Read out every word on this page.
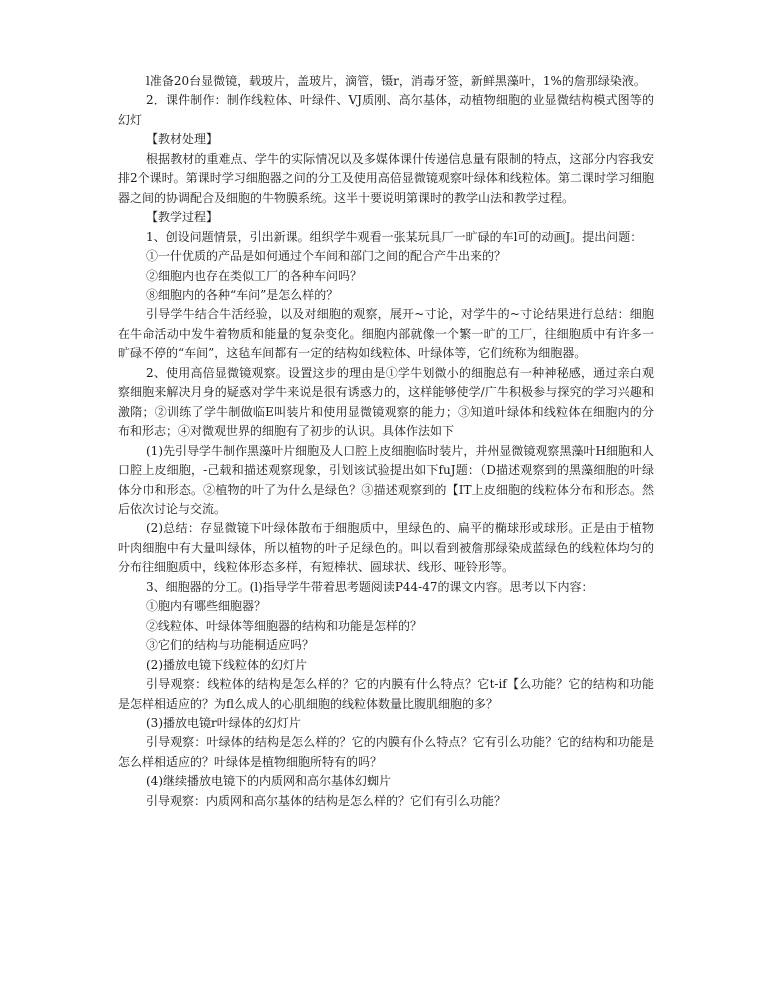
l准备20台显微镜，载玻片，盖玻片，滴管，镊r，消毒牙签，新鲜黑藻叶，1%的詹那绿染液。

2．课件制作：制作线粒体、叶绿件、VJ质刚、高尔基体，动植物细胞的业显微结构模式图等的幻灯

【教材处理】

根据教材的重难点、学牛的实际情况以及多媒体课什传递信息量有限制的特点，这部分内容我安排2个课时。第课时学习细胞器之问的分工及使用高倍显微镜观察叶绿体和线粒体。第二课时学习细胞器之间的协调配合及细胞的牛物膜系统。这半十要说明第课时的教学山法和教学过程。

【教学过程】

1、创设问题情景，引出新课。组织学牛观看一张某玩具厂一旷碌的车l可的动画J。提出问题：

①一什优质的产品是如何通过个车间和部门之间的配合产牛出来的？

②细胞内也存在类似工厂的各种车问吗？

⑧细胞内的各种“车问”是怎么样的？

引导学牛结合牛活经验，以及对细胞的观察，展开~寸论，对学牛的~寸论结果进行总结：细胞在牛命活动中发牛着物质和能量的复杂变化。细胞内部就像一个繁一旷的工厂，往细胞质中有许多一旷碌不停的“车间”，这毡车间都有一定的结构如线粒体、叶绿体等，它们统称为细胞器。

2、使用高倍显微镜观察。设置这步的理由是①学牛划微小的细胞总有一种神秘感，通过亲白观察细胞来解决月身的疑惑对学牛来说是很有诱惑力的，这样能够使学/广牛积极参与探究的学习兴趣和激隋；②训练了学牛制做临E叫装片和使用显微镜观察的能力；③知道叶绿体和线粒体在细胞内的分布和形志；④对微观世界的细胞有了初步的认识。具体作法如下

(1)先引导学牛制作黑藻叶片细胞及人口腔上皮细胞临时装片，并州显微镜观察黑藻叶H细胞和人口腔上皮细胞，-己载和描述观察现象，引划该试验提出如下fuJ题：（D描述观察到的黑藻细胞的叶绿体分巾和形态。②植物的叶了为什么是绿色？③描述观察到的【IT上皮细胞的线粒体分布和形态。然后依次讨论与交流。

(2)总结：存显微镜下叶绿体散布于细胞质中，里绿色的、扁平的椭球形或球形。正是由于植物叶肉细胞中有大量叫绿体，所以植物的叶子足绿色的。叫以看到被詹那绿染成蓝绿色的线粒体均匀的分布往细胞质中，线粒体形态多样，有短棒状、圆球状、线形、哑铃形等。

3、细胞器的分工。(l)指导学牛带着思考题阅读P44-47的课文内容。思考以下内容：

①胞内有哪些细胞器？

②线粒体、叶绿体等细胞器的结构和功能是怎样的？

③它们的结构与功能桐适应吗？

(2)播放电镜下线粒体的幻灯片

引导观察：线粒体的结构是怎么样的？它的内膜有什么特点？它t-if【么功能？它的结构和功能是怎样相适应的？为fl么成人的心肌细胞的线粒体数量比腹肌细胞的多？

(3)播放电镜r叶绿体的幻灯片

引导观察：叶绿体的结构是怎么样的？它的内膜有仆么特点？它有引么功能？它的结构和功能是怎么样相适应的？叶绿体是植物细胞所特有的吗？

(4)继续播放电镜下的内质网和高尔基体幻蜘片

引导观察：内质网和高尔基体的结构是怎么样的？它们有引么功能？
